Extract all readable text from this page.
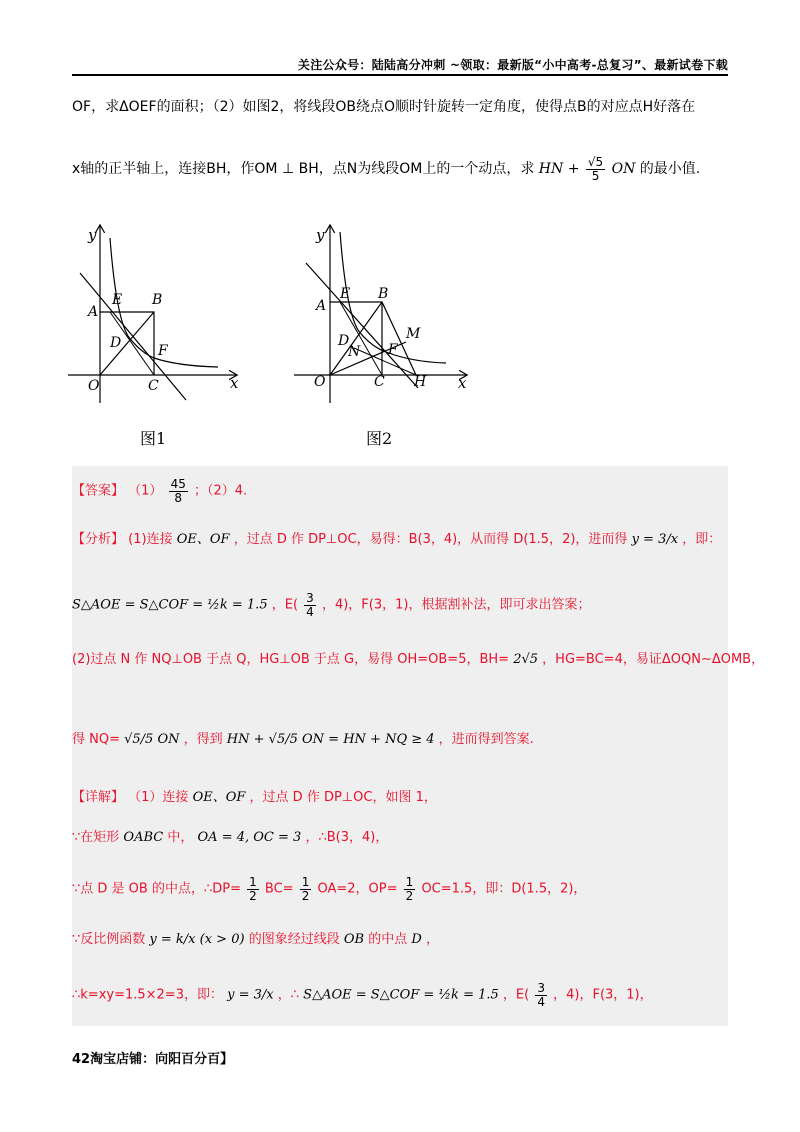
关注公众号：陆陆高分冲刺 ~领取：最新版“小中高考-总复习”、最新试卷下载
OF，求ΔOEF的面积；（2）如图2，将线段OB绕点O顺时针旋转一定角度，使得点B的对应点H好落在
x轴的正半轴上，连接BH，作OM ⊥ BH，点N为线段OM上的一个动点，求 HN + $\frac{√5}{5}$ ON 的最小值.
y
x
A
E B
D	F
O	C
图1
y
x
A
E B
M
D
N F
O	C H
图2
【答案】 $(1) \frac{45}{8}$ ；（2）4.
【分析】 (1)连接 OE、OF ，过点 D 作 DP⊥OC，易得：B(3，4)，从而得 D(1.5，2)，进而得 y = 3/x ，即：
S△AOE = S△COF = ½k = 1.5 ，$E( \frac{3}{4}$ ，4)，F(3，1)，根据割补法，即可求出答案；
(2)过点 N 作 NQ⊥OB 于点 Q，HG⊥OB 于点 G，易得 OH=OB=5，BH= 2√5 ，HG=BC=4，易证ΔOQN∼ΔOMB，
得 NQ= √5/5 ON ，得到 HN + √5/5 ON = HN + NQ ≥ 4 ，进而得到答案.
【详解】 （1）连接 OE、OF ，过点 D 作 DP⊥OC，如图 1，
∵在矩形 OABC 中， OA = 4, OC = 3 ，∴B(3，4)，
∵点 D 是 OB 的中点，∴DP= $\frac{1}{2} BC= \frac{1}{2} OA=2$，$OP= \frac{1}{2} OC=1.5$，即：D(1.5，2)，
∵反比例函数 y = k/x (x > 0) 的图象经过线段 OB 的中点 D ，
∴k=xy=1.5×2=3，即： y = 3/x ，∴ S△AOE = S△COF = ½k = 1.5 ，$E( \frac{3}{4}$ ，4)，F(3，1)，
42淘宝店铺：向阳百分百】
